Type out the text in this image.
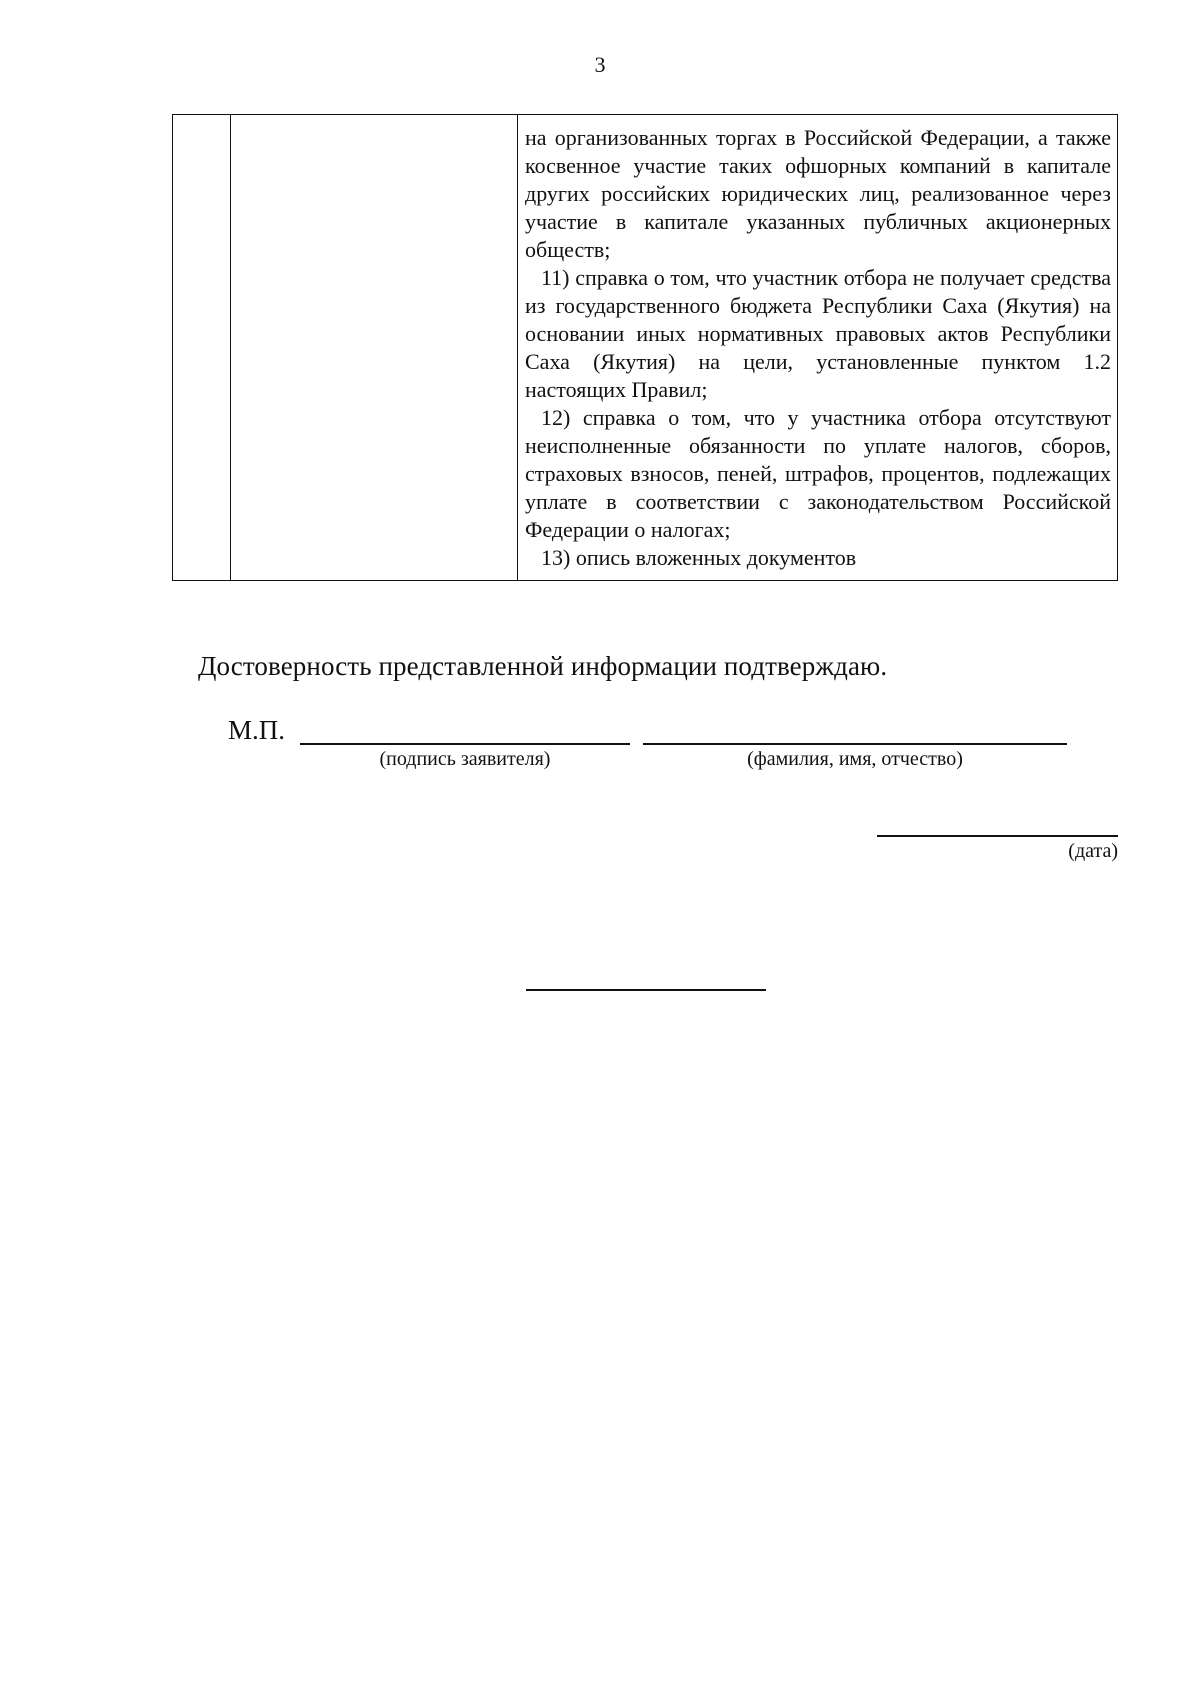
3

на организованных торгах в Российской Федерации, а также косвенное участие таких офшорных компаний в капитале других российских юридических лиц, реализованное через участие в капитале указанных публичных акционерных обществ;

11) справка о том, что участник отбора не получает средства из государственного бюджета Республики Саха (Якутия) на основании иных нормативных правовых актов Республики Саха (Якутия) на цели, установленные пунктом 1.2 настоящих Правил;

12) справка о том, что у участника отбора отсутствуют неисполненные обязанности по уплате налогов, сборов, страховых взносов, пеней, штрафов, процентов, подлежащих уплате в соответствии с законодательством Российской Федерации о налогах;

13) опись вложенных документов

Достоверность представленной информации подтверждаю.
М.П.
(подпись заявителя)	(фамилия, имя, отчество)
(дата)
